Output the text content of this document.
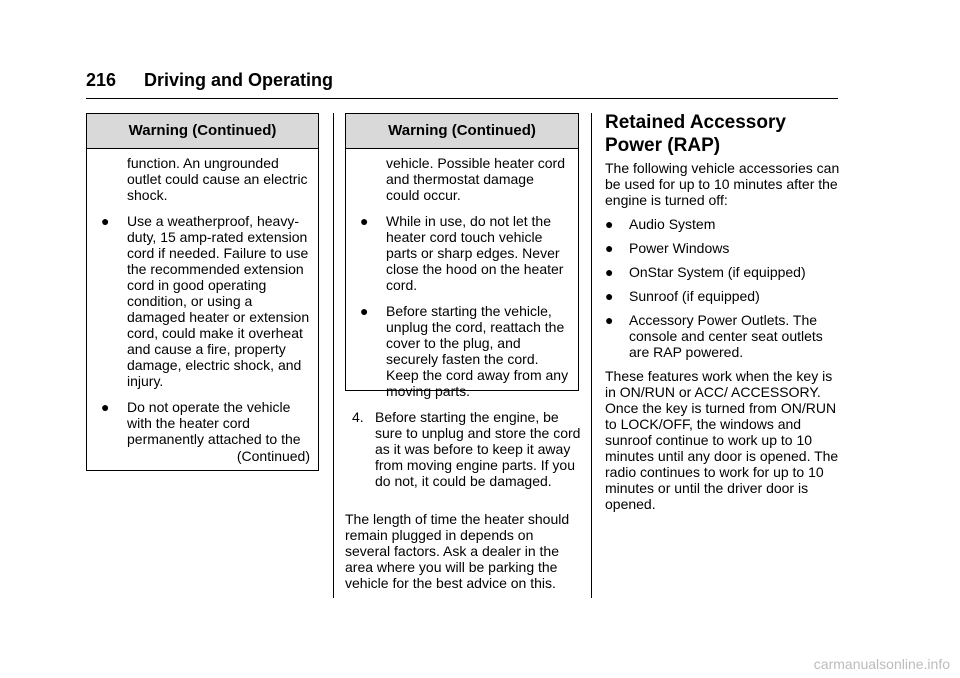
216 Driving and Operating
Warning (Continued)
function. An ungrounded outlet could cause an electric shock.
● Use a weatherproof, heavy-duty, 15 amp-rated extension cord if needed. Failure to use the recommended extension cord in good operating condition, or using a damaged heater or extension cord, could make it overheat and cause a fire, property damage, electric shock, and injury.
● Do not operate the vehicle with the heater cord permanently attached to the
(Continued)
Warning (Continued)
vehicle. Possible heater cord and thermostat damage could occur.
● While in use, do not let the heater cord touch vehicle parts or sharp edges. Never close the hood on the heater cord.
● Before starting the vehicle, unplug the cord, reattach the cover to the plug, and securely fasten the cord. Keep the cord away from any moving parts.
4. Before starting the engine, be sure to unplug and store the cord as it was before to keep it away from moving engine parts. If you do not, it could be damaged.
The length of time the heater should remain plugged in depends on several factors. Ask a dealer in the area where you will be parking the vehicle for the best advice on this.
Retained Accessory Power (RAP)
The following vehicle accessories can be used for up to 10 minutes after the engine is turned off:
● Audio System
● Power Windows
● OnStar System (if equipped)
● Sunroof (if equipped)
● Accessory Power Outlets. The console and center seat outlets are RAP powered.
These features work when the key is in ON/RUN or ACC/ ACCESSORY. Once the key is turned from ON/RUN to LOCK/OFF, the windows and sunroof continue to work up to 10 minutes until any door is opened. The radio continues to work for up to 10 minutes or until the driver door is opened.
carmanualsonline.info
